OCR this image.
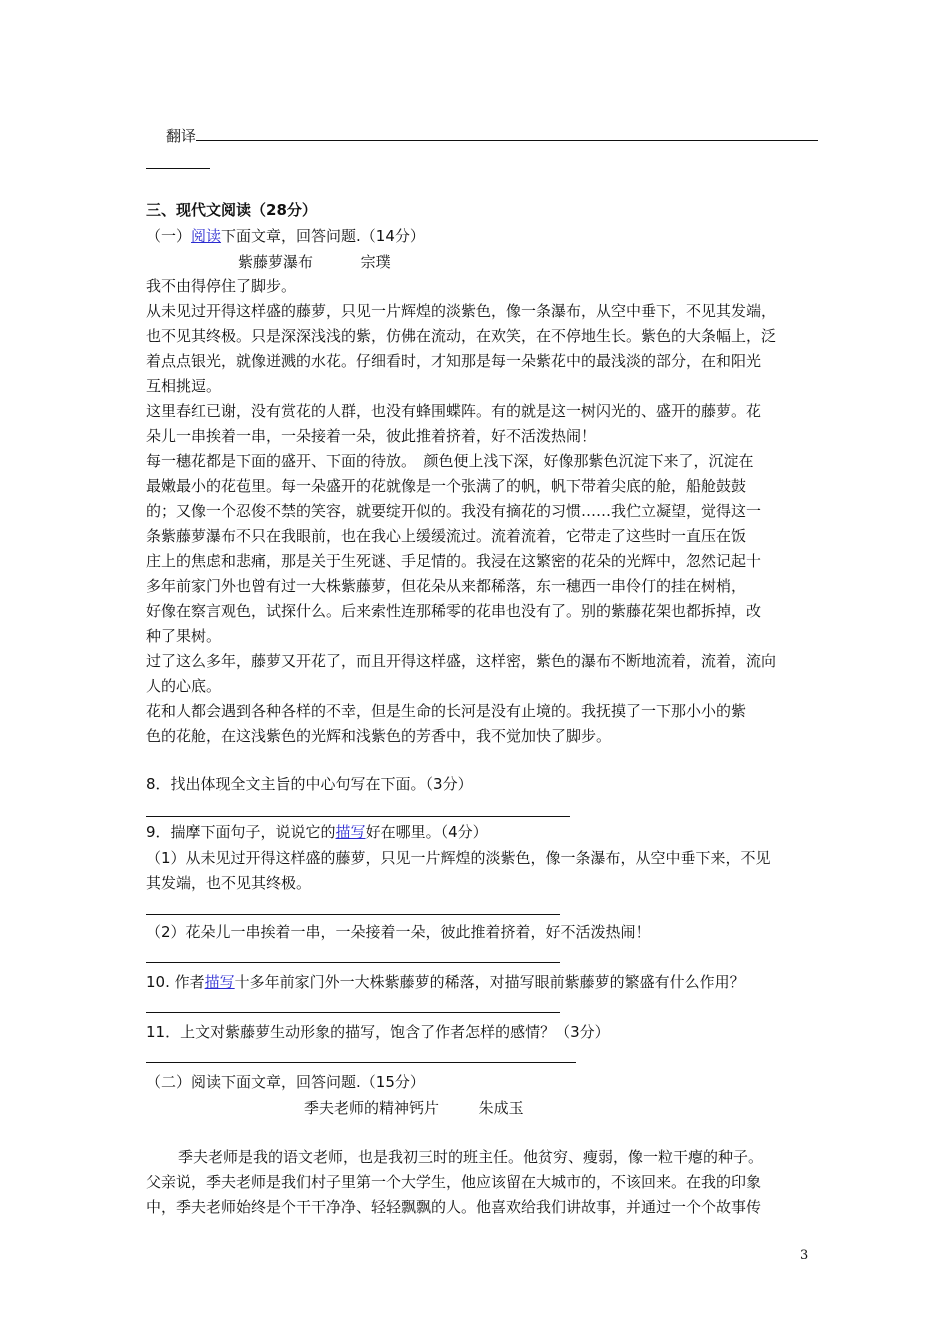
翻译
三、现代文阅读（28分）
（一）阅读下面文章，回答问题.（14分）
紫藤萝瀑布	宗璞
我不由得停住了脚步。
从未见过开得这样盛的藤萝，只见一片辉煌的淡紫色，像一条瀑布，从空中垂下，不见其发端，
也不见其终极。只是深深浅浅的紫，仿佛在流动，在欢笑，在不停地生长。紫色的大条幅上，泛
着点点银光，就像迸溅的水花。仔细看时，才知那是每一朵紫花中的最浅淡的部分，在和阳光
互相挑逗。
这里春红已谢，没有赏花的人群，也没有蜂围蝶阵。有的就是这一树闪光的、盛开的藤萝。花
朵儿一串挨着一串，一朵接着一朵，彼此推着挤着，好不活泼热闹！
每一穗花都是下面的盛开、下面的待放。　颜色便上浅下深，好像那紫色沉淀下来了，沉淀在
最嫩最小的花苞里。每一朵盛开的花就像是一个张满了的帆，帆下带着尖底的舱，船舱鼓鼓
的；又像一个忍俊不禁的笑容，就要绽开似的。我没有摘花的习惯……我伫立凝望，觉得这一
条紫藤萝瀑布不只在我眼前，也在我心上缓缓流过。流着流着，它带走了这些时一直压在饭
庄上的焦虑和悲痛，那是关于生死谜、手足情的。我浸在这繁密的花朵的光辉中，忽然记起十
多年前家门外也曾有过一大株紫藤萝，但花朵从来都稀落，东一穗西一串伶仃的挂在树梢，
好像在察言观色，试探什么。后来索性连那稀零的花串也没有了。别的紫藤花架也都拆掉，改
种了果树。
过了这么多年，藤萝又开花了，而且开得这样盛，这样密，紫色的瀑布不断地流着，流着，流向
人的心底。
花和人都会遇到各种各样的不幸，但是生命的长河是没有止境的。我抚摸了一下那小小的紫
色的花舱，在这浅紫色的光辉和浅紫色的芳香中，我不觉加快了脚步。
8．找出体现全文主旨的中心句写在下面。（3分）
9．揣摩下面句子，说说它的描写好在哪里。（4分）
（1）从未见过开得这样盛的藤萝，只见一片辉煌的淡紫色，像一条瀑布，从空中垂下来，不见
其发端，也不见其终极。
（2）花朵儿一串挨着一串，一朵接着一朵，彼此推着挤着，好不活泼热闹！
10. 作者描写十多年前家门外一大株紫藤萝的稀落，对描写眼前紫藤萝的繁盛有什么作用？
11．上文对紫藤萝生动形象的描写，饱含了作者怎样的感情？（3分）
（二）阅读下面文章，回答问题.（15分）
季夫老师的精神钙片	朱成玉
季夫老师是我的语文老师，也是我初三时的班主任。他贫穷、瘦弱，像一粒干瘪的种子。
父亲说，季夫老师是我们村子里第一个大学生，他应该留在大城市的，不该回来。在我的印象
中，季夫老师始终是个干干净净、轻轻飘飘的人。他喜欢给我们讲故事，并通过一个个故事传
3
